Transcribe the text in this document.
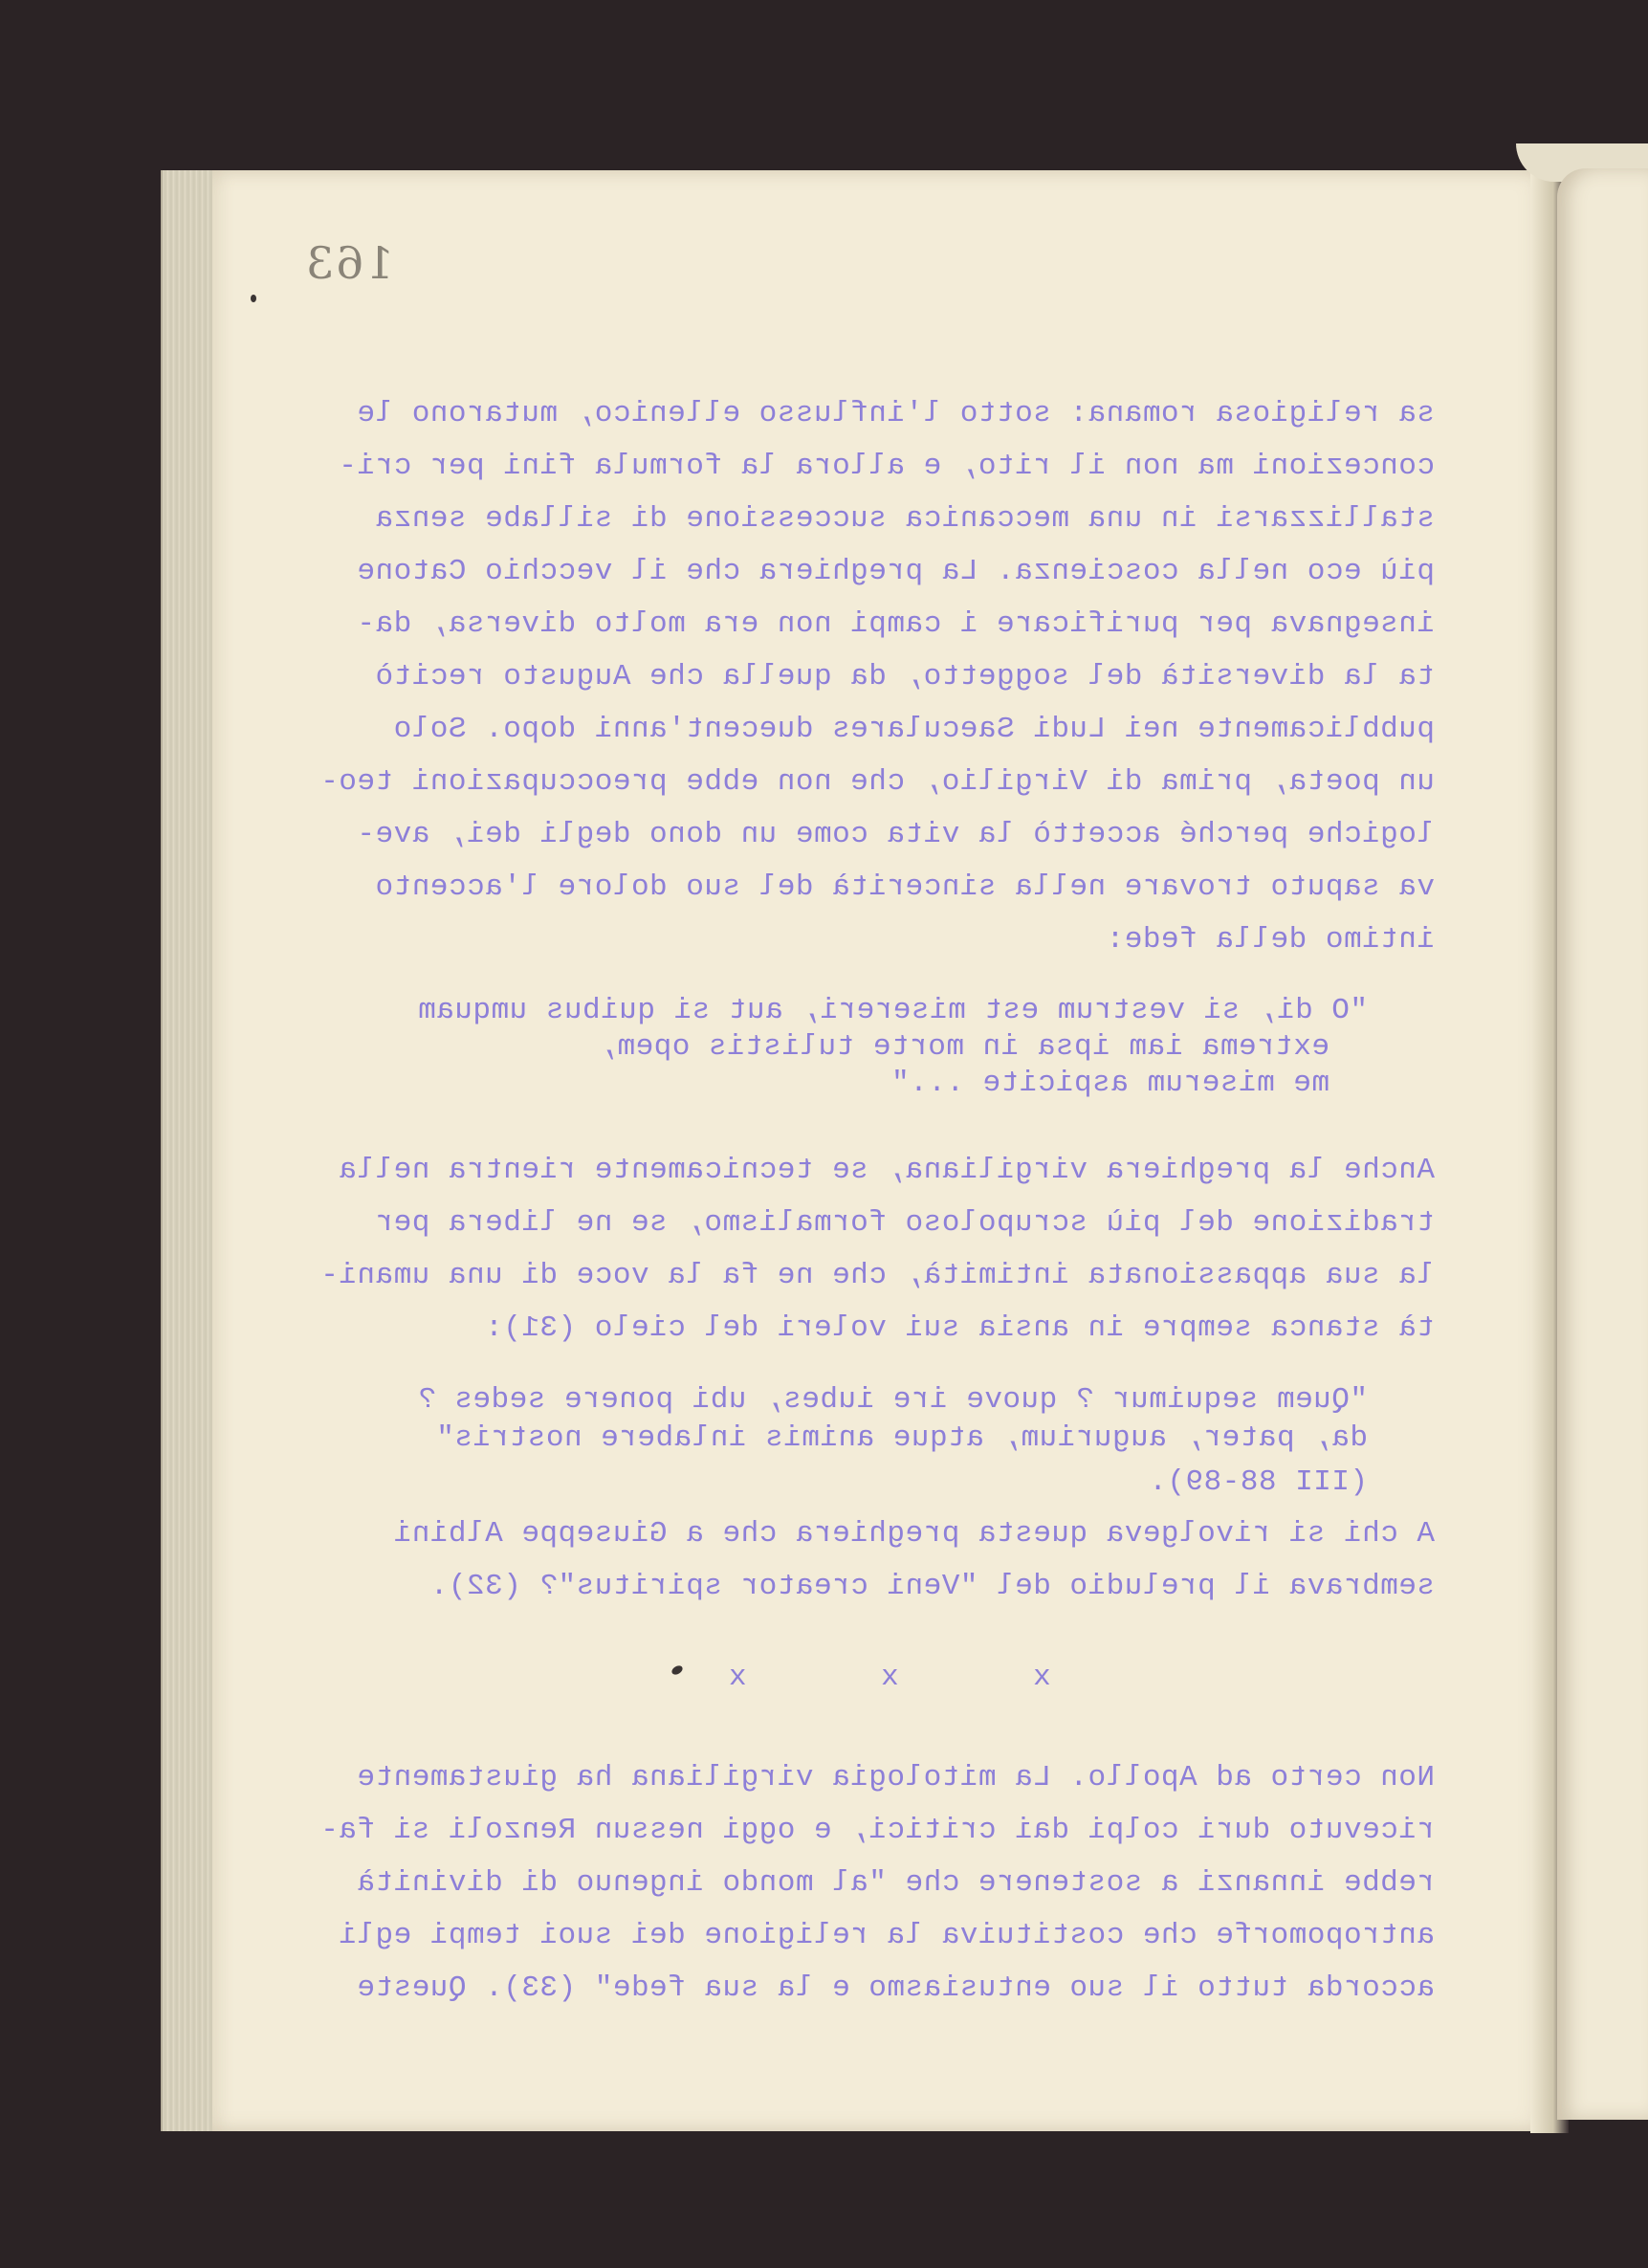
163

sa religiosa romana: sotto l'influsso ellenico, mutarono le

concezioni ma non il rito, e allora la formula fini per cri-

stallizzarsi in una meccanica successione di sillabe senza

più eco nella coscienza. La preghiera che il vecchio Catone

insegnava per purificare i campi non era molto diversa, da-

ta la diversità del soggetto, da quella che Augusto recitò

pubblicamente nei Ludi Saeculares duecent'anni dopo. Solo

un poeta, prima di Virgilio, che non ebbe preoccupazioni teo-

logiche perché accettò la vita come un dono degli dei, ave-

va saputo trovare nella sincerità del suo dolore l'accento

intimo della fede:

"O di, si vestrum est misereri, aut si quibus umquam

extrema iam ipsa in morte tulistis opem,

me miserum aspicite ..."

Anche la preghiera virgiliana, se tecnicamente rientra nella

tradizione del più scrupoloso formalismo, se ne libera per

la sua appassionata intimità, che ne fa la voce di una umani-

tà stanca sempre in ansia sui voleri del cielo (31):

"Quem sequimur ? quove ire iubes, ubi ponere sedes ?

da, pater, augurium, atque animis inlabere nostris"

(III 88-89).

A chi si rivolgeva questa preghiera che a Giuseppe Albini

sembrava il preludio del "Veni creator spiritus"? (32).

x
x
x

Non certo ad Apollo. La mitologia virgiliana ha giustamente

ricevuto duri colpi dai critici, e oggi nessun Renzoli si fa-

rebbe innanzi a sostenere che "al mondo ingenuo di divinità

antropomorfe che costituiva la religione dei suoi tempi egli

accorda tutto il suo entusiasmo e la sua fede" (33). Queste
